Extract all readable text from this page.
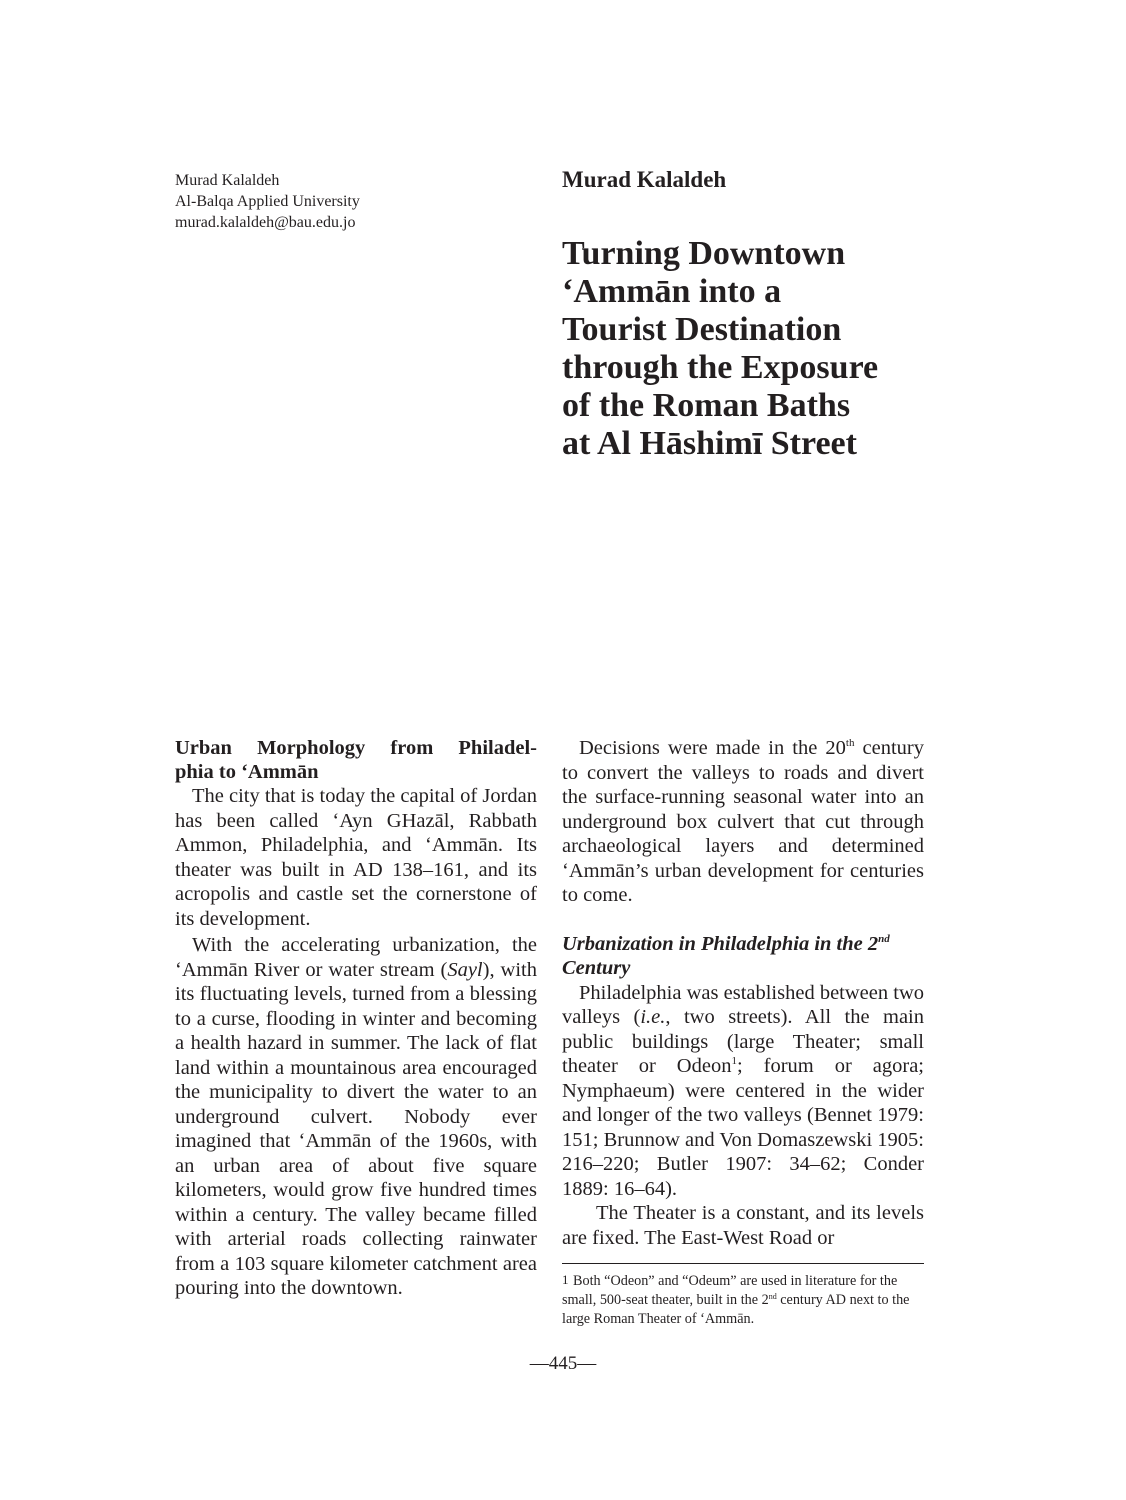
Murad Kalaldeh
Al-Balqa Applied University
murad.kalaldeh@bau.edu.jo
Murad Kalaldeh
Turning Downtown
‘Ammān into a
Tourist Destination
through the Exposure
of the Roman Baths
at Al Hāshimī Street
Urban Morphology from Philadel-
phia to ‘Ammān

The city that is today the capital of Jordan has been called ‘Ayn GHazāl, Rabbath Ammon, Philadelphia, and ‘Ammān. Its theater was built in AD 138–161, and its acropolis and castle set the cornerstone of its development.

With the accelerating urbanization, the ‘Ammān River or water stream (Sayl), with its fluctuating levels, turned from a blessing to a curse, flooding in winter and becoming a health hazard in summer. The lack of flat land within a mountainous area encouraged the municipality to divert the water to an underground culvert. Nobody ever imagined that ‘Ammān of the 1960s, with an urban area of about five square kilometers, would grow five hundred times within a century. The valley became filled with arterial roads collecting rainwater from a 103 square kilometer catchment area pouring into the downtown.

Decisions were made in the 20th century to convert the valleys to roads and divert the surface-running seasonal water into an underground box culvert that cut through archaeological layers and determined ‘Ammān’s urban development for centuries to come.

Urbanization in Philadelphia in the 2nd Century

Philadelphia was established between two valleys (i.e., two streets). All the main public buildings (large Theater; small theater or Odeon$^1$; forum or agora; Nymphaeum) were centered in the wider and longer of the two valleys (Bennet 1979: 151; Brunnow and Von Domaszewski 1905: 216–220; Butler 1907: 34–62; Conder 1889: 16–64).

The Theater is a constant, and its levels are fixed. The East-West Road or

1 Both “Odeon” and “Odeum” are used in literature for the small, 500-seat theater, built in the 2nd century AD next to the large Roman Theater of ‘Ammān.
—445—
